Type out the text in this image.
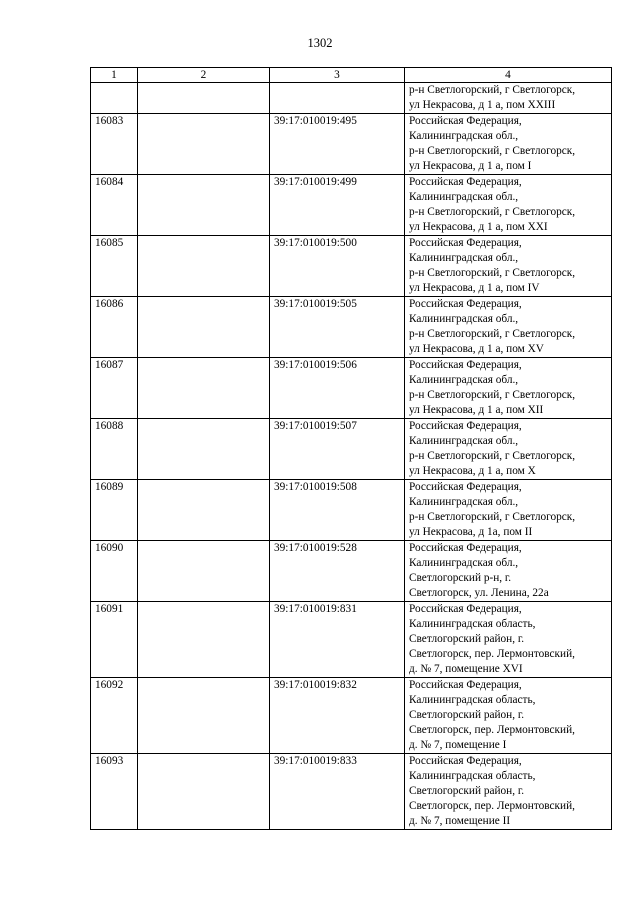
1302
1	2	3	4

			р-н Светлогорский, г Светлогорск,
ул Некрасова, д 1 а, пом XXIII

16083		39:17:010019:495	Российская Федерация,
Калининградская обл.,
р-н Светлогорский, г Светлогорск,
ул Некрасова, д 1 а, пом I

16084		39:17:010019:499	Российская Федерация,
Калининградская обл.,
р-н Светлогорский, г Светлогорск,
ул Некрасова, д 1 а, пом XXI

16085		39:17:010019:500	Российская Федерация,
Калининградская обл.,
р-н Светлогорский, г Светлогорск,
ул Некрасова, д 1 а, пом IV

16086		39:17:010019:505	Российская Федерация,
Калининградская обл.,
р-н Светлогорский, г Светлогорск,
ул Некрасова, д 1 а, пом XV

16087		39:17:010019:506	Российская Федерация,
Калининградская обл.,
р-н Светлогорский, г Светлогорск,
ул Некрасова, д 1 а, пом XII

16088		39:17:010019:507	Российская Федерация,
Калининградская обл.,
р-н Светлогорский, г Светлогорск,
ул Некрасова, д 1 а, пом X

16089		39:17:010019:508	Российская Федерация,
Калининградская обл.,
р-н Светлогорский, г Светлогорск,
ул Некрасова, д 1а, пом II

16090		39:17:010019:528	Российская Федерация,
Калининградская обл.,
Светлогорский р-н, г.
Светлогорск, ул. Ленина, 22а

16091		39:17:010019:831	Российская Федерация,
Калининградская область,
Светлогорский район, г.
Светлогорск, пер. Лермонтовский,
д. № 7, помещение XVI

16092		39:17:010019:832	Российская Федерация,
Калининградская область,
Светлогорский район, г.
Светлогорск, пер. Лермонтовский,
д. № 7, помещение I

16093		39:17:010019:833	Российская Федерация,
Калининградская область,
Светлогорский район, г.
Светлогорск, пер. Лермонтовский,
д. № 7, помещение II
